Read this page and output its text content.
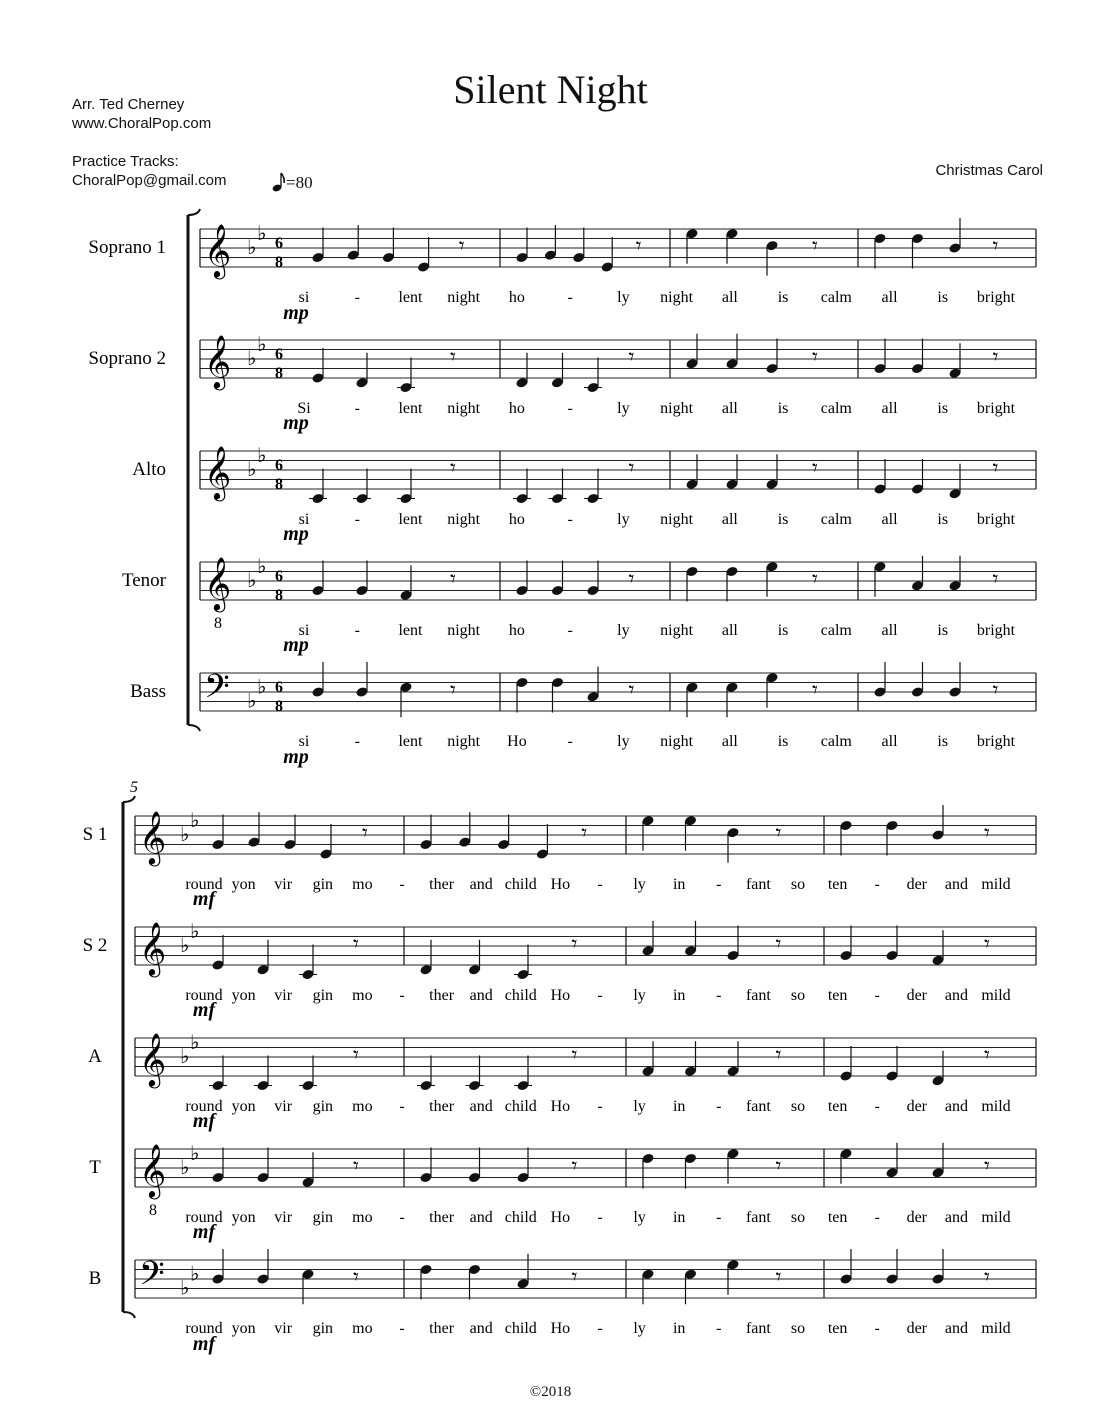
Silent Night
Arr. Ted Cherney
www.ChoralPop.com
Practice Tracks:
ChoralPop@gmail.com
Christmas Carol
=80
©2018
Soprano 1 𝄞 ♭
♭ 6
8
𝄾	𝄾	𝄾	𝄾
si	- lent night ho	-	ly night all is calm all is bright
mp
Soprano 2 𝄞 ♭
♭ 6
8
𝄾	𝄾	𝄾	𝄾
Si	- lent night ho	-	ly night all is calm all is bright
Alto 𝄞 ♭
♭ 6
8
𝄾	𝄾	𝄾	𝄾
si	- lent night ho	-	ly night all is calm all is bright
mp
Tenor 𝄞
8
♭
♭ 6
8
𝄾	𝄾	𝄾	𝄾
si	- lent night ho	-	ly night all is calm all is bright
mp
Bass 𝄢 ♭
♭ 6
8
𝄾	𝄾	𝄾	𝄾
si	- lent night Ho	-	ly night all is calm all is bright
mp
mp
5
S 1 𝄞 ♭
♭
𝄾	𝄾	𝄾	𝄾
round yon vir gin mo - ther and child Ho - ly in - fant so ten - der and mild
S 2 𝄞 ♭
♭
𝄾	𝄾	𝄾	𝄾
round yon vir gin mo - ther and child Ho - ly in - fant so ten - der and mild
mf
A 𝄞 ♭
♭
𝄾	𝄾	𝄾	𝄾
round yon vir gin mo - ther and child Ho - ly in - fant so ten - der and mild
mf
T 𝄞
8
♭
♭
𝄾	𝄾	𝄾	𝄾
round yon vir gin mo - ther and child Ho - ly in - fant so ten - der and mild
mf
B 𝄢 ♭
♭	𝄾	𝄾	𝄾	𝄾
round yon vir gin mo - ther and child Ho - ly in - fant so ten - der and mild
mf
mf
